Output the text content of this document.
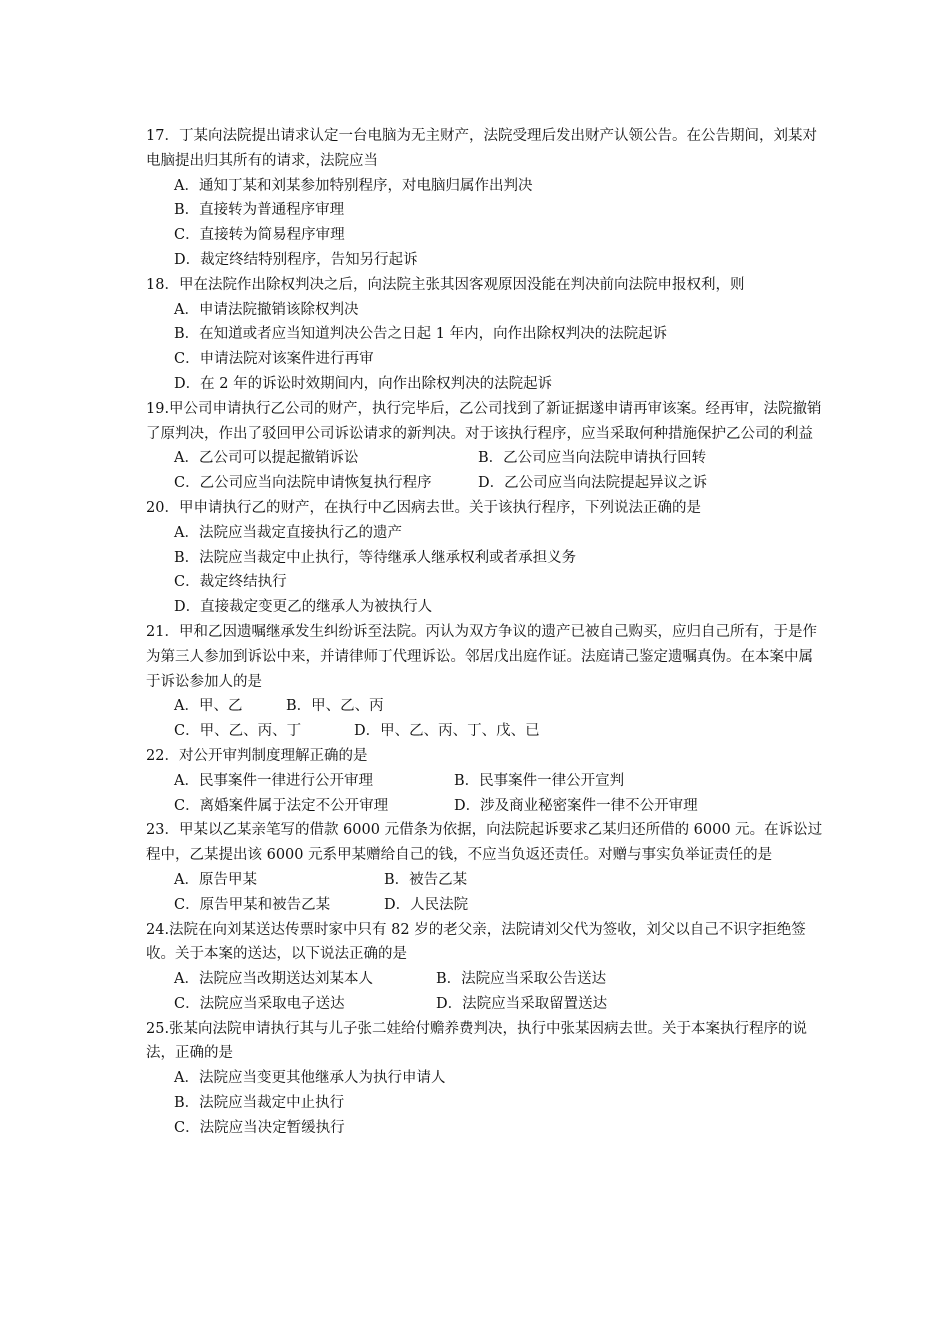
17．丁某向法院提出请求认定一台电脑为无主财产，法院受理后发出财产认领公告。在公告期间，刘某对电脑提出归其所有的请求，法院应当
A．通知丁某和刘某参加特别程序，对电脑归属作出判决
B．直接转为普通程序审理
C．直接转为简易程序审理
D．裁定终结特别程序，告知另行起诉
18．甲在法院作出除权判决之后，向法院主张其因客观原因没能在判决前向法院申报权利，则
A．申请法院撤销该除权判决
B．在知道或者应当知道判决公告之日起 1 年内，向作出除权判决的法院起诉
C．申请法院对该案件进行再审
D．在 2 年的诉讼时效期间内，向作出除权判决的法院起诉
19.甲公司申请执行乙公司的财产，执行完毕后，乙公司找到了新证据遂申请再审该案。经再审，法院撤销了原判决，作出了驳回甲公司诉讼请求的新判决。对于该执行程序，应当采取何种措施保护乙公司的利益
A．乙公司可以提起撤销诉讼	B．乙公司应当向法院申请执行回转
C．乙公司应当向法院申请恢复执行程序	D．乙公司应当向法院提起异议之诉
20．甲申请执行乙的财产，在执行中乙因病去世。关于该执行程序，下列说法正确的是
A．法院应当裁定直接执行乙的遗产
B．法院应当裁定中止执行，等待继承人继承权利或者承担义务
C．裁定终结执行
D．直接裁定变更乙的继承人为被执行人
21．甲和乙因遗嘱继承发生纠纷诉至法院。丙认为双方争议的遗产已被自己购买，应归自己所有，于是作为第三人参加到诉讼中来，并请律师丁代理诉讼。邻居戊出庭作证。法庭请己鉴定遗嘱真伪。在本案中属于诉讼参加人的是
A．甲、乙	B．甲、乙、丙
C．甲、乙、丙、丁	D．甲、乙、丙、丁、戊、已
22．对公开审判制度理解正确的是
A．民事案件一律进行公开审理	B．民事案件一律公开宣判
C．离婚案件属于法定不公开审理	D．涉及商业秘密案件一律不公开审理
23．甲某以乙某亲笔写的借款 6000 元借条为依据，向法院起诉要求乙某归还所借的 6000 元。在诉讼过程中，乙某提出该 6000 元系甲某赠给自己的钱，不应当负返还责任。对赠与事实负举证责任的是
A．原告甲某	B．被告乙某
C．原告甲某和被告乙某	D．人民法院
24.法院在向刘某送达传票时家中只有 82 岁的老父亲，法院请刘父代为签收，刘父以自己不识字拒绝签收。关于本案的送达，以下说法正确的是
A．法院应当改期送达刘某本人	B．法院应当采取公告送达
C．法院应当采取电子送达	D．法院应当采取留置送达
25.张某向法院申请执行其与儿子张二娃给付赡养费判决，执行中张某因病去世。关于本案执行程序的说法，正确的是
A．法院应当变更其他继承人为执行申请人
B．法院应当裁定中止执行
C．法院应当决定暂缓执行
